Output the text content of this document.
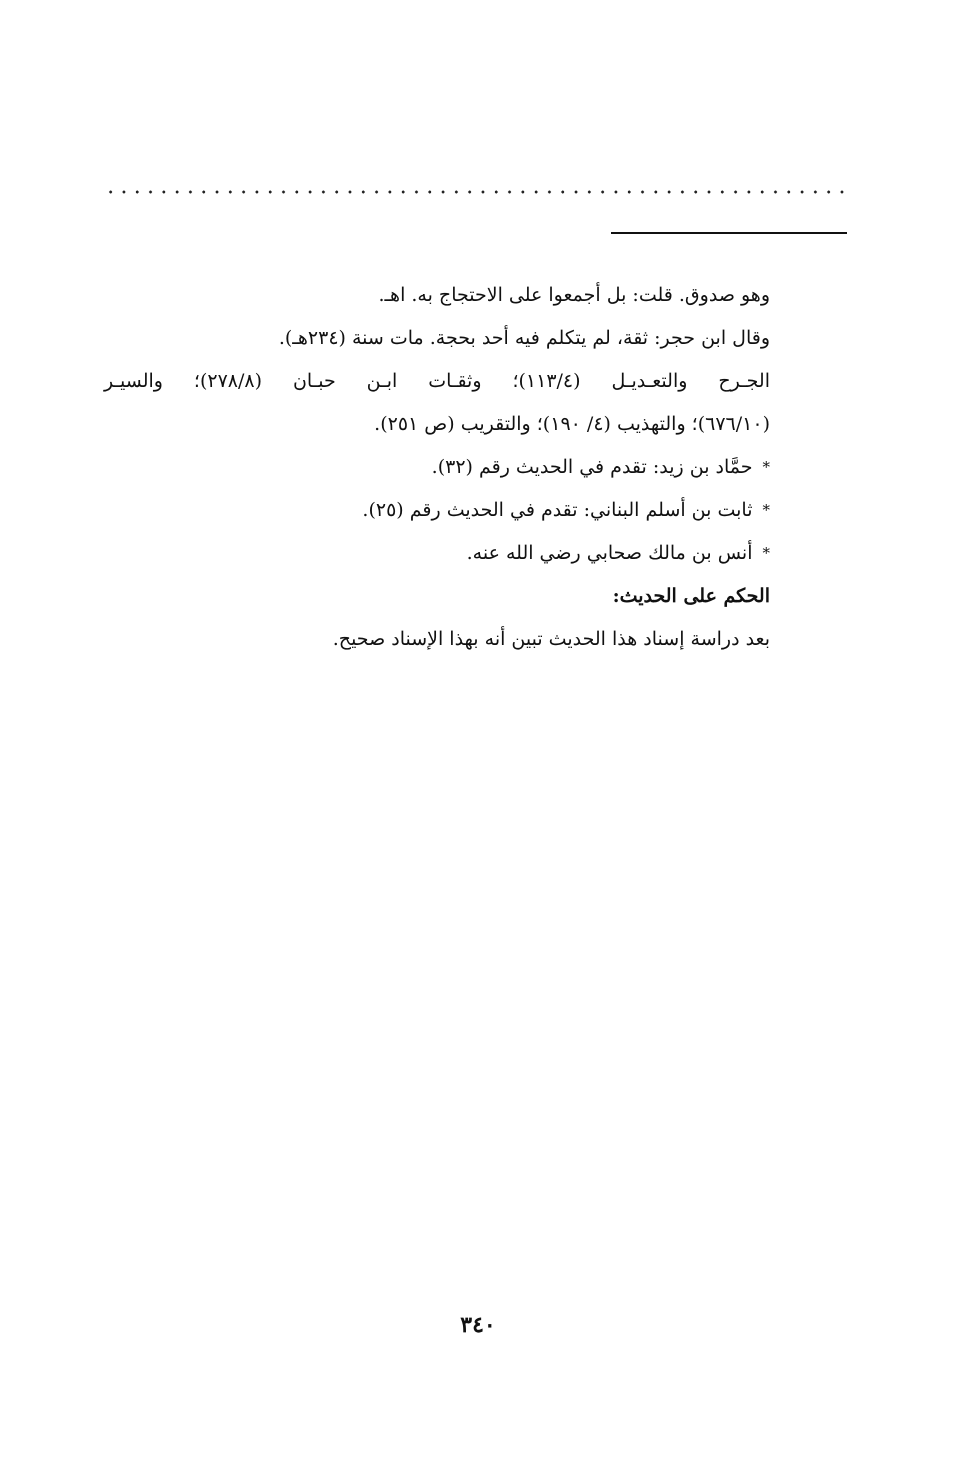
وهو صدوق. قلت: بل أجمعوا على الاحتجاج به. اهـ.
وقال ابن حجر: ثقة، لم يتكلم فيه أحد بحجة. مات سنة (٢٣٤هـ).
الجـرح والتعـديـل (١١٣/٤)؛ وثقـات ابـن حبـان (٢٧٨/٨)؛ والسيـر
(٦٧٦/١٠)؛ والتهذيب (٤/ ١٩٠)؛ والتقريب (ص ٢٥١).
*حمَّاد بن زيد: تقدم في الحديث رقم (٣٢).
*ثابت بن أسلم البناني: تقدم في الحديث رقم (٢٥).
*أنس بن مالك صحابي رضي الله عنه.
الحكم على الحديث:
بعد دراسة إسناد هذا الحديث تبين أنه بهذا الإسناد صحيح.
٣٤٠
